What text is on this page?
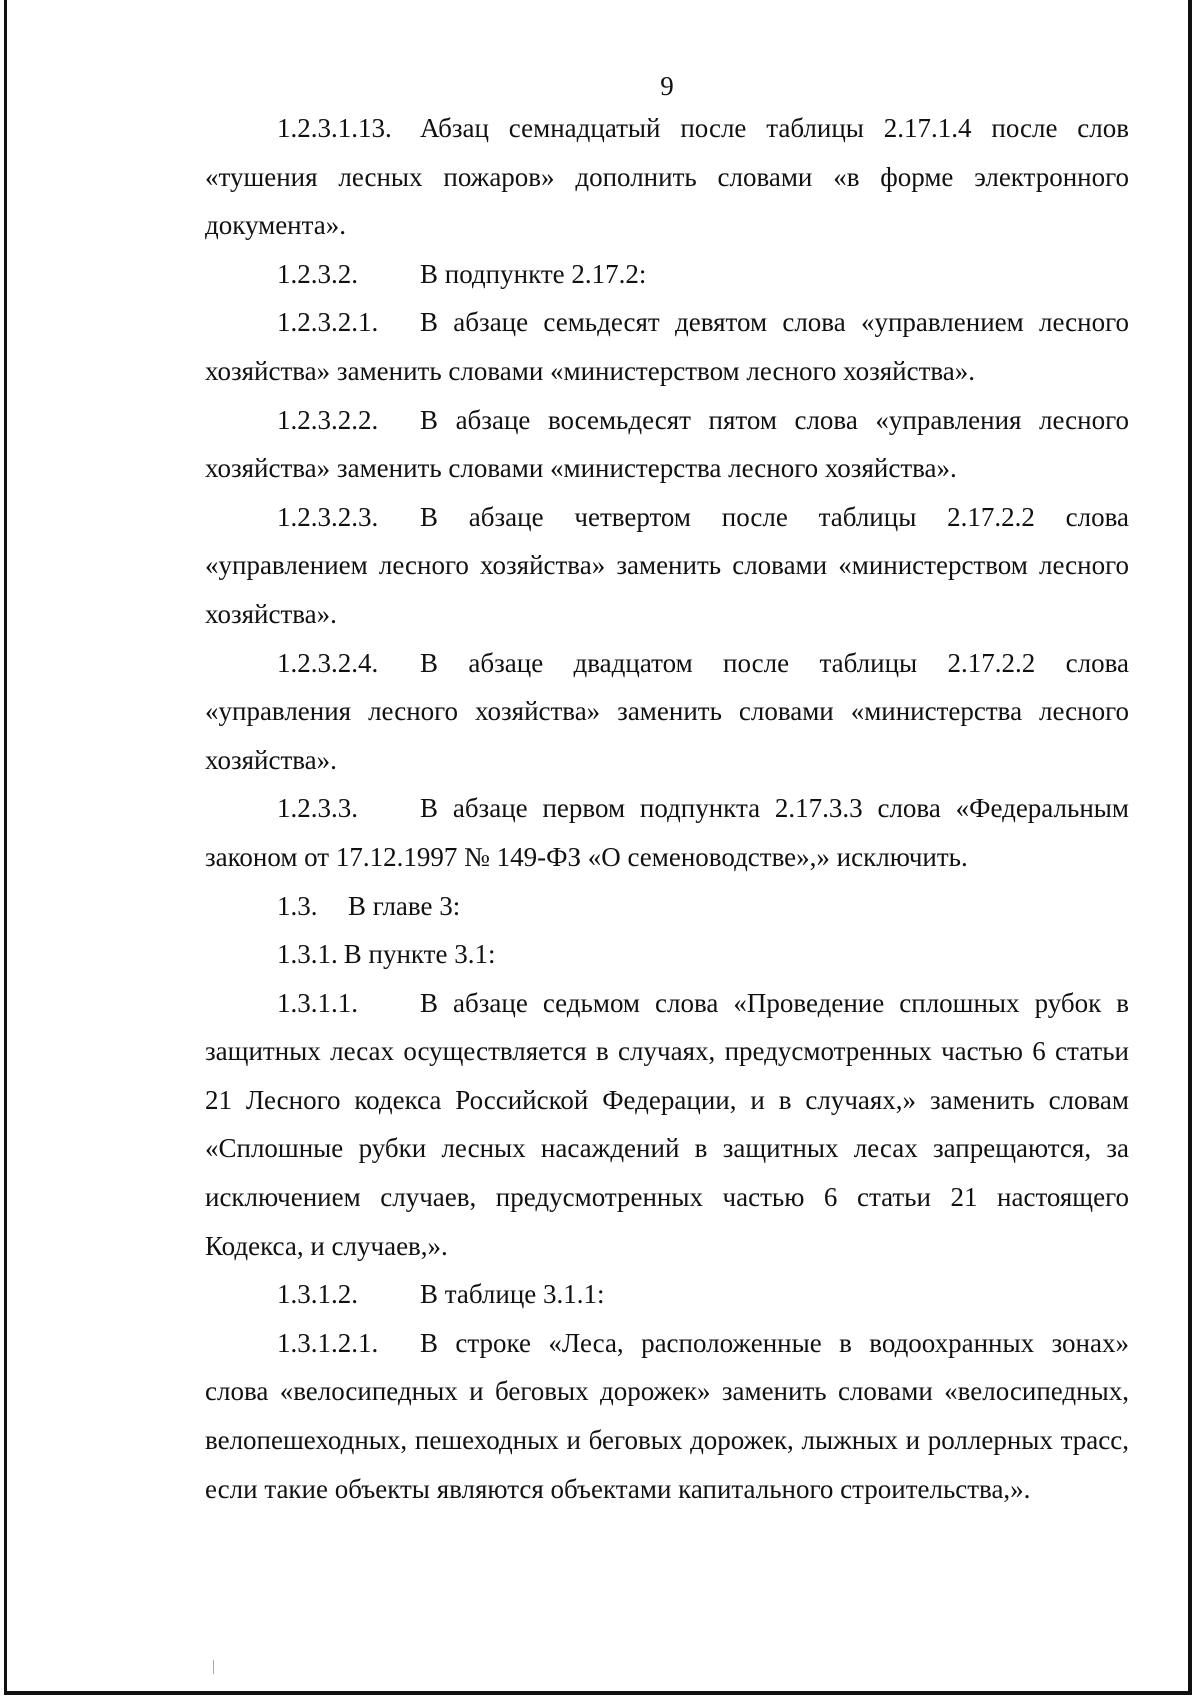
9

1.2.3.1.13. Абзац семнадцатый после таблицы 2.17.1.4 после слов «тушения лесных пожаров» дополнить словами «в форме электронного документа».

1.2.3.2. В подпункте 2.17.2:

1.2.3.2.1. В абзаце семьдесят девятом слова «управлением лесного хозяйства» заменить словами «министерством лесного хозяйства».

1.2.3.2.2. В абзаце восемьдесят пятом слова «управления лесного хозяйства» заменить словами «министерства лесного хозяйства».

1.2.3.2.3. В абзаце четвертом после таблицы 2.17.2.2 слова «управлением лесного хозяйства» заменить словами «министерством лесного хозяйства».

1.2.3.2.4. В абзаце двадцатом после таблицы 2.17.2.2 слова «управления лесного хозяйства» заменить словами «министерства лесного хозяйства».

1.2.3.3. В абзаце первом подпункта 2.17.3.3 слова «Федеральным законом от 17.12.1997 № 149-ФЗ «О семеноводстве»,» исключить.

1.3. В главе 3:

1.3.1. В пункте 3.1:

1.3.1.1. В абзаце седьмом слова «Проведение сплошных рубок в защитных лесах осуществляется в случаях, предусмотренных частью 6 статьи 21 Лесного кодекса Российской Федерации, и в случаях,» заменить словам «Сплошные рубки лесных насаждений в защитных лесах запрещаются, за исключением случаев, предусмотренных частью 6 статьи 21 настоящего Кодекса, и случаев,».

1.3.1.2. В таблице 3.1.1:

1.3.1.2.1. В строке «Леса, расположенные в водоохранных зонах» слова «велосипедных и беговых дорожек» заменить словами «велосипедных, велопешеходных, пешеходных и беговых дорожек, лыжных и роллерных трасс, если такие объекты являются объектами капитального строительства,».
